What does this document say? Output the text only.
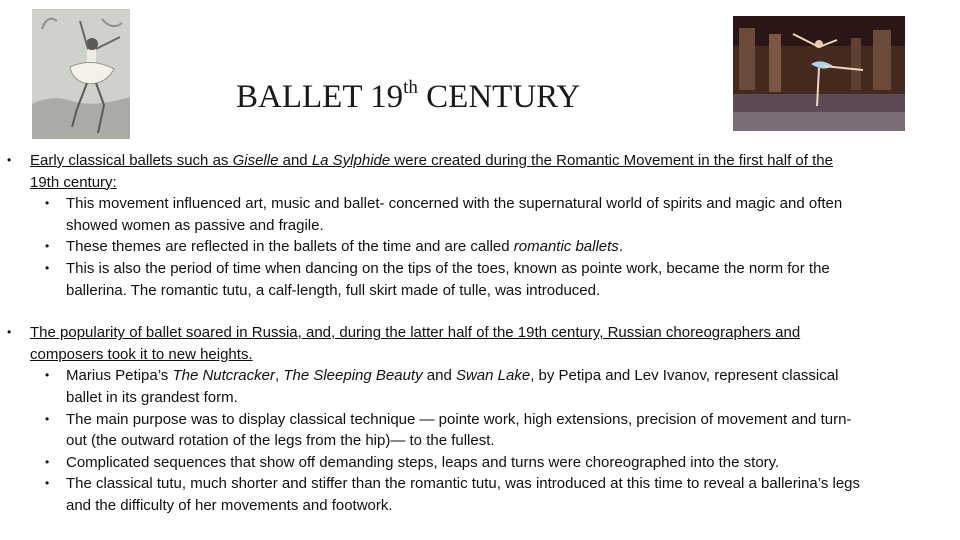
BALLET 19th CENTURY
• Early classical ballets such as Giselle and La Sylphide were created during the Romantic Movement in the first half of the 19th century:
• This movement influenced art, music and ballet- concerned with the supernatural world of spirits and magic and often showed women as passive and fragile.
• These themes are reflected in the ballets of the time and are called romantic ballets.
• This is also the period of time when dancing on the tips of the toes, known as pointe work, became the norm for the ballerina. The romantic tutu, a calf-length, full skirt made of tulle, was introduced.
• The popularity of ballet soared in Russia, and, during the latter half of the 19th century, Russian choreographers and composers took it to new heights.
• Marius Petipa’s The Nutcracker, The Sleeping Beauty and Swan Lake, by Petipa and Lev Ivanov, represent classical ballet in its grandest form.
• The main purpose was to display classical technique — pointe work, high extensions, precision of movement and turn-out (the outward rotation of the legs from the hip)— to the fullest.
• Complicated sequences that show off demanding steps, leaps and turns were choreographed into the story.
• The classical tutu, much shorter and stiffer than the romantic tutu, was introduced at this time to reveal a ballerina’s legs and the difficulty of her movements and footwork.
